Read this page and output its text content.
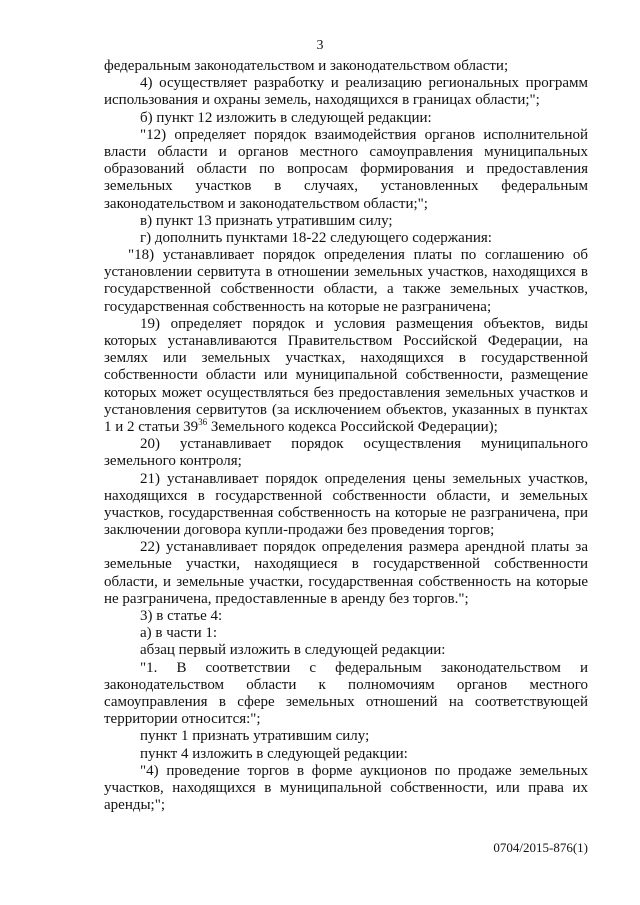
3
федеральным законодательством и законодательством области;
4) осуществляет разработку и реализацию региональных программ
использования и охраны земель, находящихся в границах области;";
б) пункт 12 изложить в следующей редакции:
"12) определяет порядок взаимодействия органов исполнительной
власти области и органов местного самоуправления муниципальных
образований области по вопросам формирования и предоставления
земельных участков в случаях, установленных федеральным
законодательством и законодательством области;";
в) пункт 13 признать утратившим силу;
г) дополнить пунктами 18-22 следующего содержания:
"18) устанавливает порядок определения платы по соглашению об
установлении сервитута в отношении земельных участков, находящихся в
государственной собственности области, а также земельных участков,
государственная собственность на которые не разграничена;
19) определяет порядок и условия размещения объектов, виды
которых устанавливаются Правительством Российской Федерации, на
землях или земельных участках, находящихся в государственной
собственности области или муниципальной собственности, размещение
которых может осуществляться без предоставления земельных участков и
установления сервитутов (за исключением объектов, указанных в пунктах
1 и 2 статьи $39^{36}$ Земельного кодекса Российской Федерации);
20) устанавливает порядок осуществления муниципального
земельного контроля;
21) устанавливает порядок определения цены земельных участков,
находящихся в государственной собственности области, и земельных
участков, государственная собственность на которые не разграничена, при
заключении договора купли-продажи без проведения торгов;
22) устанавливает порядок определения размера арендной платы за
земельные участки, находящиеся в государственной собственности
области, и земельные участки, государственная собственность на которые
не разграничена, предоставленные в аренду без торгов.";
3) в статье 4:
а) в части 1:
абзац первый изложить в следующей редакции:
"1. В соответствии с федеральным законодательством и
законодательством области к полномочиям органов местного
самоуправления в сфере земельных отношений на соответствующей
территории относится:";
пункт 1 признать утратившим силу;
пункт 4 изложить в следующей редакции:
"4) проведение торгов в форме аукционов по продаже земельных
участков, находящихся в муниципальной собственности, или права их
аренды;";
0704/2015-876(1)
